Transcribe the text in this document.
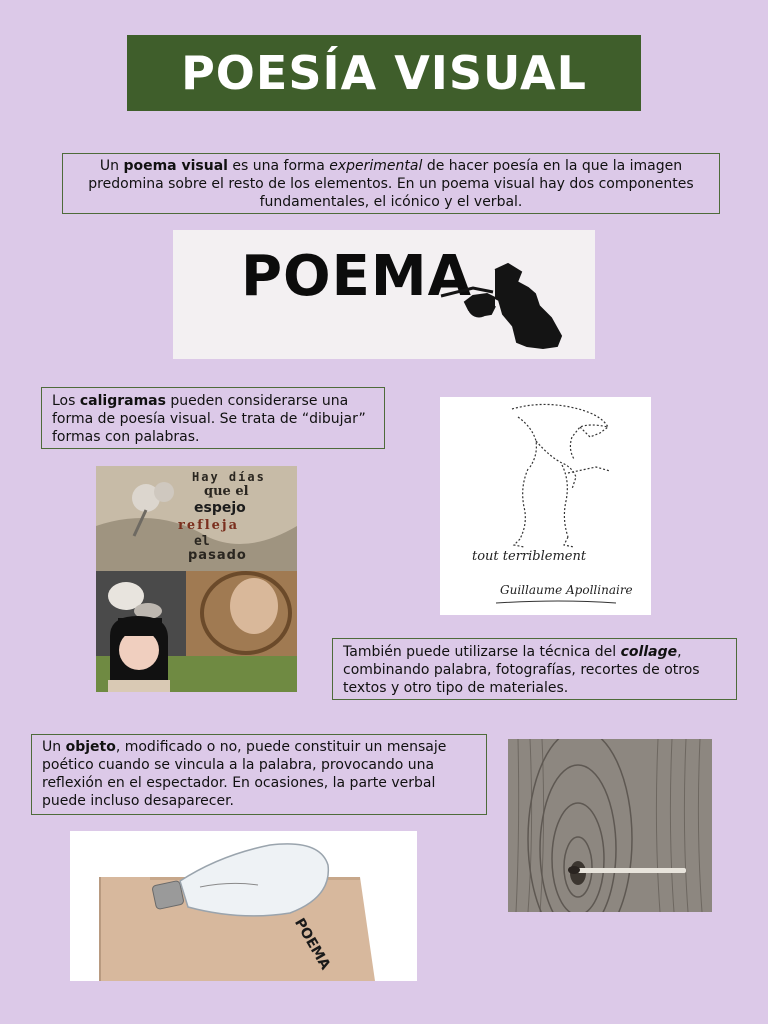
POESÍA VISUAL
Un poema visual es una forma experimental de hacer poesía en la que la imagen predomina sobre el resto de los elementos. En un poema visual hay dos componentes fundamentales, el icónico y el verbal.
POEMA
Los caligramas pueden considerarse una forma de poesía visual. Se trata de “dibujar” formas con palabras.
tout terriblement
Guillaume Apollinaire
Hay días
que el
espejo
refleja
el
pasado
También puede utilizarse la técnica del collage, combinando palabra, fotografías, recortes de otros textos y otro tipo de materiales.
Un objeto, modificado o no, puede constituir un mensaje poético cuando se vincula a la palabra, provocando una reflexión en el espectador. En ocasiones, la parte verbal puede incluso desaparecer.
POEMA
